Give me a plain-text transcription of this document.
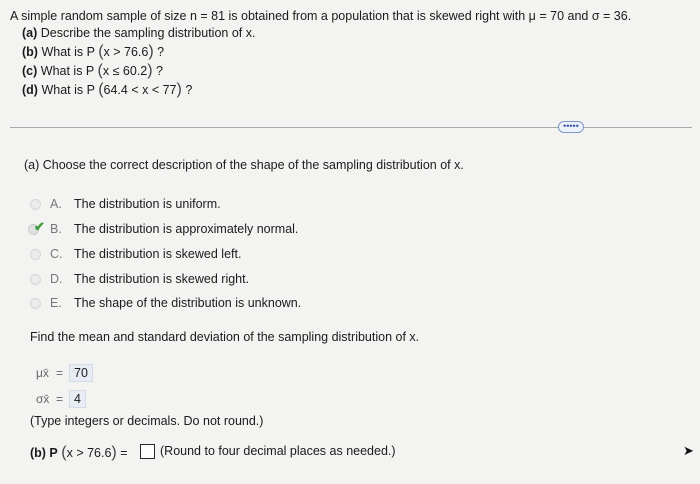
A simple random sample of size n = 81 is obtained from a population that is skewed right with μ = 70 and σ = 36.
(a) Describe the sampling distribution of x.
(b) What is P (x > 76.6) ?
(c) What is P (x ≤ 60.2) ?
(d) What is P (64.4 < x < 77) ?
•••••
(a) Choose the correct description of the shape of the sampling distribution of x.
A. The distribution is uniform.
✔ B. The distribution is approximately normal.
C. The distribution is skewed left.
D. The distribution is skewed right.
E. The shape of the distribution is unknown.
Find the mean and standard deviation of the sampling distribution of x.
μx̄ = 70
σx̄ = 4
(Type integers or decimals. Do not round.)
(b) P (x > 76.6) =	(Round to four decimal places as needed.)	➤
